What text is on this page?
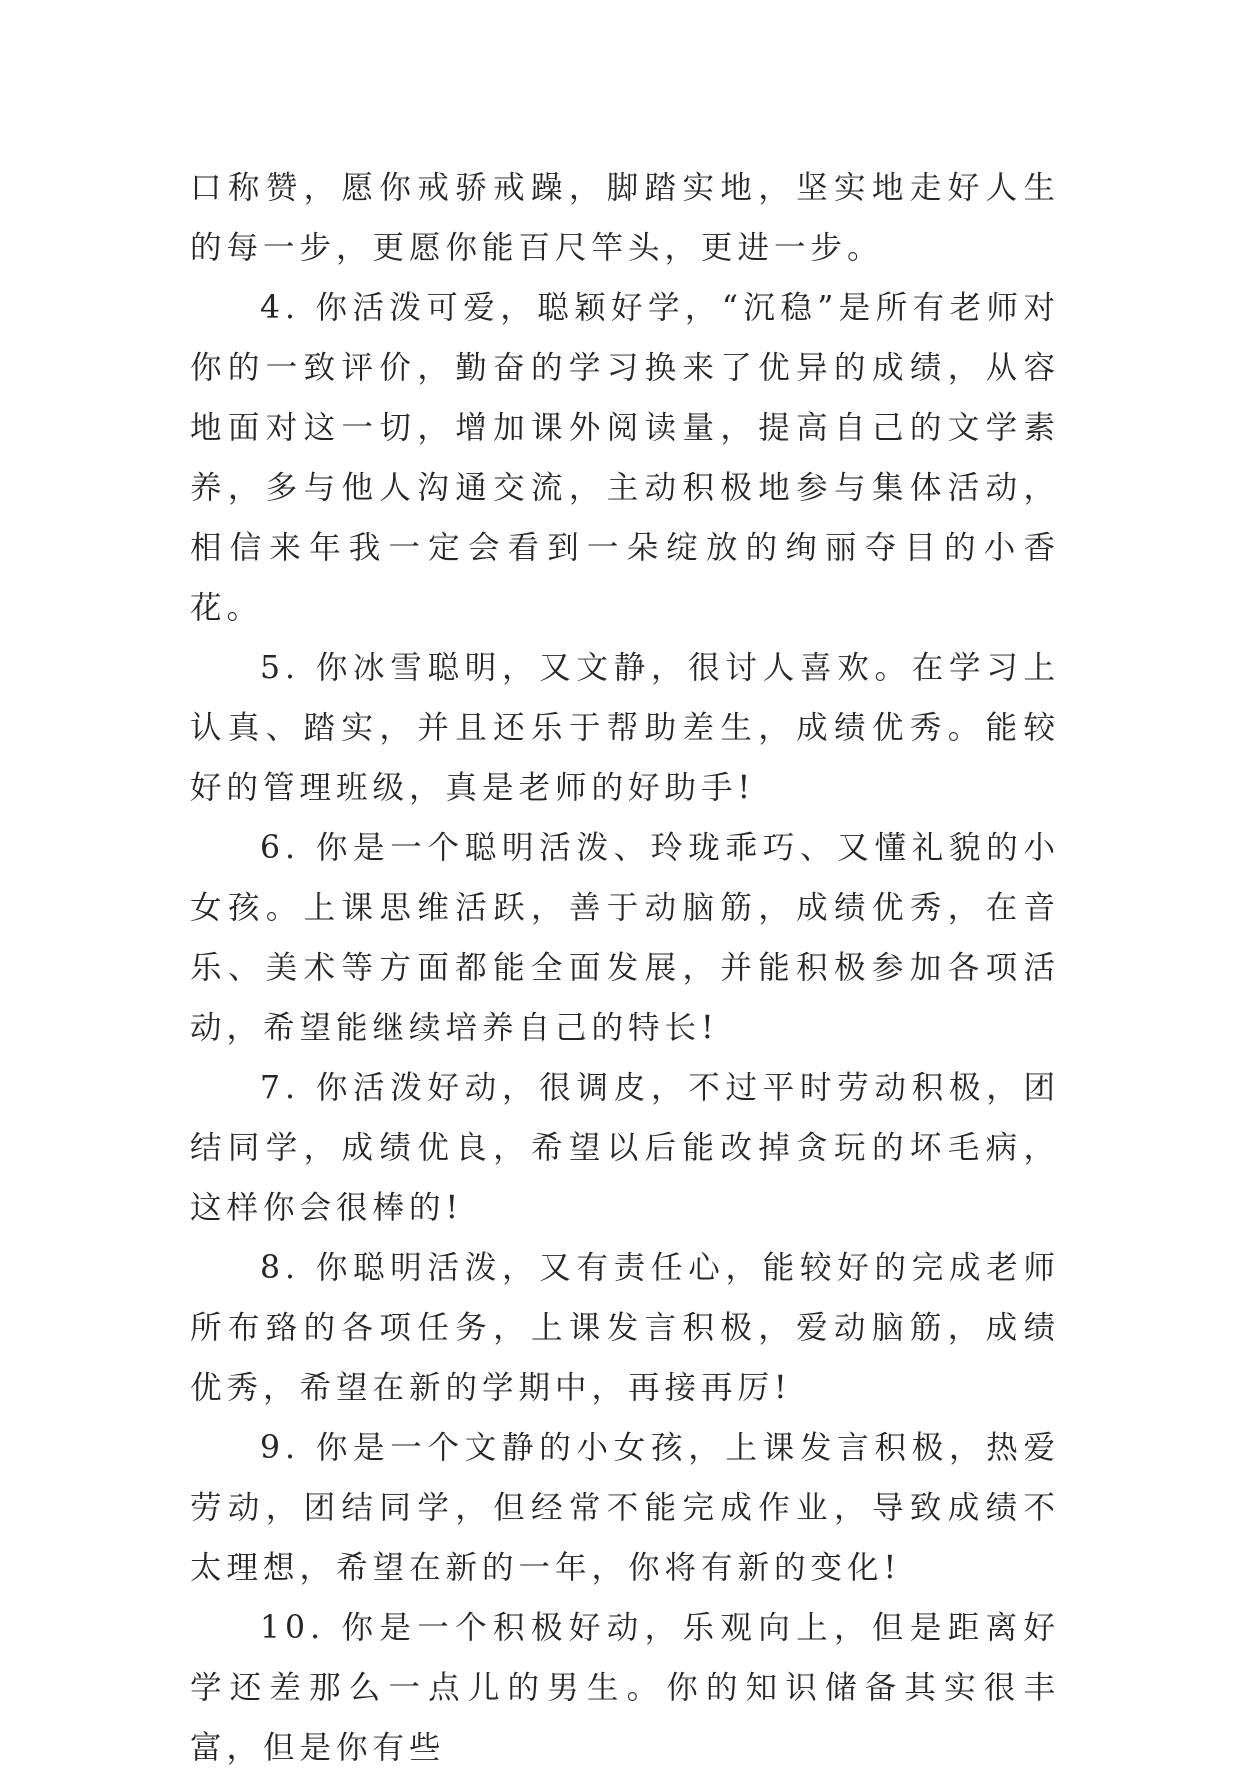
口称赞，愿你戒骄戒躁，脚踏实地，坚实地走好人生的每一步，更愿你能百尺竿头，更进一步。

4. 你活泼可爱，聪颖好学，“沉稳”是所有老师对你的一致评价，勤奋的学习换来了优异的成绩，从容地面对这一切，增加课外阅读量，提高自己的文学素养，多与他人沟通交流，主动积极地参与集体活动，相信来年我一定会看到一朵绽放的绚丽夺目的小香花。

5. 你冰雪聪明，又文静，很讨人喜欢。在学习上认真、踏实，并且还乐于帮助差生，成绩优秀。能较好的管理班级，真是老师的好助手!

6. 你是一个聪明活泼、玲珑乖巧、又懂礼貌的小女孩。上课思维活跃，善于动脑筋，成绩优秀，在音乐、美术等方面都能全面发展，并能积极参加各项活动，希望能继续培养自己的特长!

7. 你活泼好动，很调皮，不过平时劳动积极，团结同学，成绩优良，希望以后能改掉贪玩的坏毛病，这样你会很棒的!

8. 你聪明活泼，又有责任心，能较好的完成老师所布臵的各项任务，上课发言积极，爱动脑筋，成绩优秀，希望在新的学期中，再接再厉!

9. 你是一个文静的小女孩，上课发言积极，热爱劳动，团结同学，但经常不能完成作业，导致成绩不太理想，希望在新的一年，你将有新的变化!

10. 你是一个积极好动，乐观向上，但是距离好学还差那么一点儿的男生。你的知识储备其实很丰富，但是你有些
